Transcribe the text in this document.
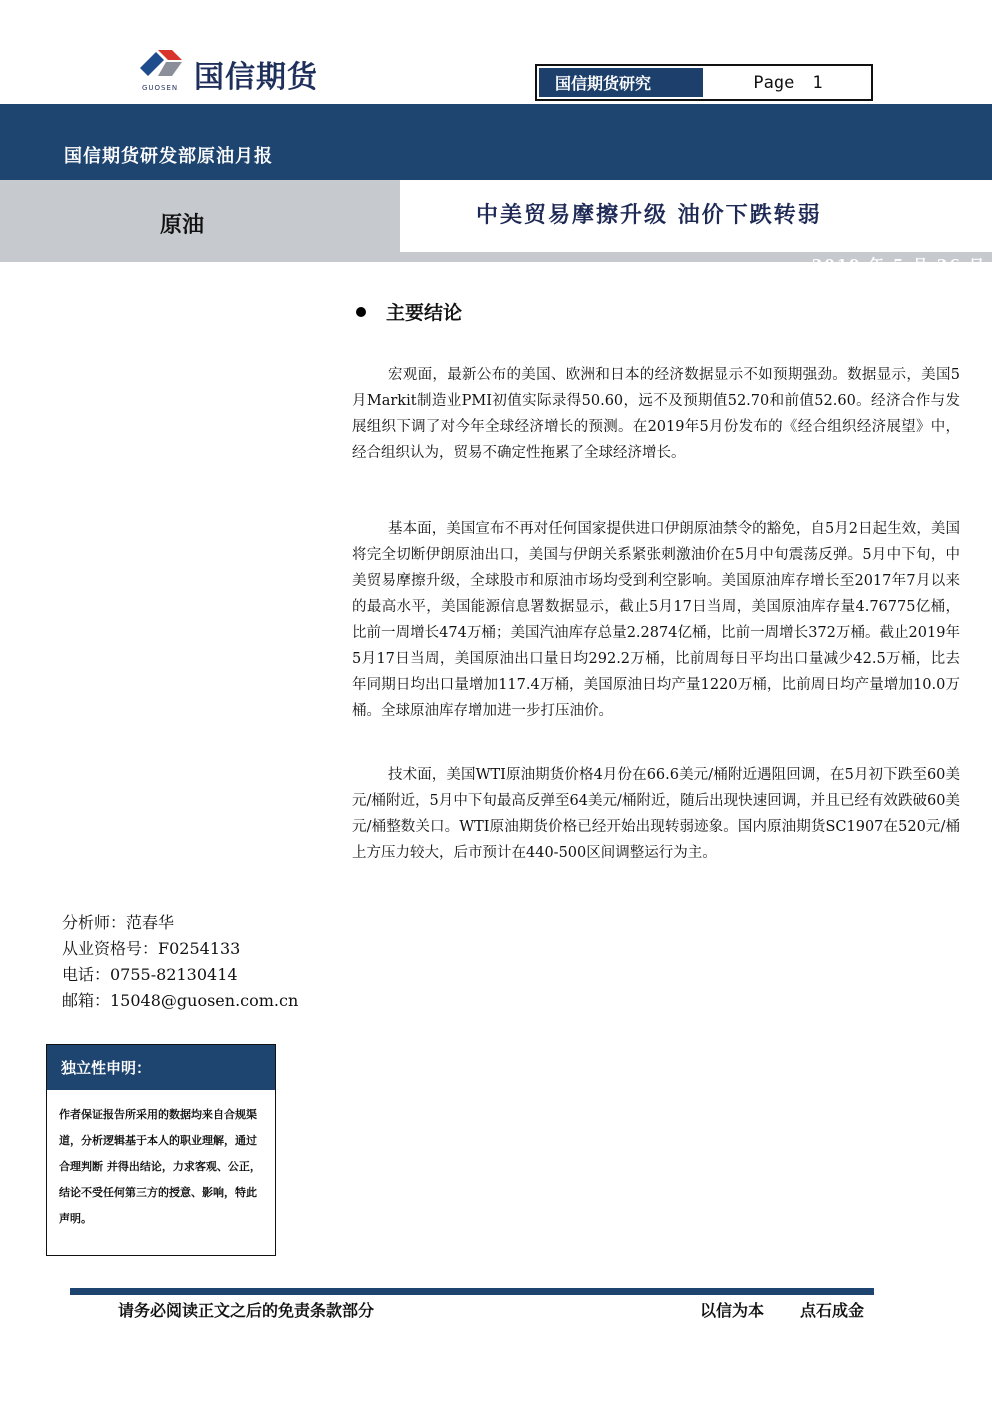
国信期货
GUOSEN	国信期货研究	Page 1
国信期货研发部原油月报
原油	中美贸易摩擦升级 油价下跌转弱
2019 年 5 月 26 日
主要结论

宏观面，最新公布的美国、欧洲和日本的经济数据显示不如预期强劲。数据显示，美国5月Markit制造业PMI初值实际录得50.60，远不及预期值52.70和前值52.60。经济合作与发展组织下调了对今年全球经济增长的预测。在2019年5月份发布的《经合组织经济展望》中，经合组织认为，贸易不确定性拖累了全球经济增长。

基本面，美国宣布不再对任何国家提供进口伊朗原油禁令的豁免，自5月2日起生效，美国将完全切断伊朗原油出口，美国与伊朗关系紧张刺激油价在5月中旬震荡反弹。5月中下旬，中美贸易摩擦升级，全球股市和原油市场均受到利空影响。美国原油库存增长至2017年7月以来的最高水平，美国能源信息署数据显示，截止5月17日当周，美国原油库存量4.76775亿桶，比前一周增长474万桶；美国汽油库存总量2.2874亿桶，比前一周增长372万桶。截止2019年5月17日当周，美国原油出口量日均292.2万桶，比前周每日平均出口量减少42.5万桶，比去年同期日均出口量增加117.4万桶，美国原油日均产量1220万桶，比前周日均产量增加10.0万桶。全球原油库存增加进一步打压油价。

技术面，美国WTI原油期货价格4月份在66.6美元/桶附近遇阻回调，在5月初下跌至60美元/桶附近，5月中下旬最高反弹至64美元/桶附近，随后出现快速回调，并且已经有效跌破60美元/桶整数关口。WTI原油期货价格已经开始出现转弱迹象。国内原油期货SC1907在520元/桶上方压力较大，后市预计在440-500区间调整运行为主。

分析师：范春华
从业资格号：F0254133
电话：0755-82130414
邮箱：15048@guosen.com.cn
独立性申明：
作者保证报告所采用的数据均来自合规渠道，分析逻辑基于本人的职业理解，通过合理判断 并得出结论，力求客观、公正，结论不受任何第三方的授意、影响，特此声明。
请务必阅读正文之后的免责条款部分	以信为本 点石成金
